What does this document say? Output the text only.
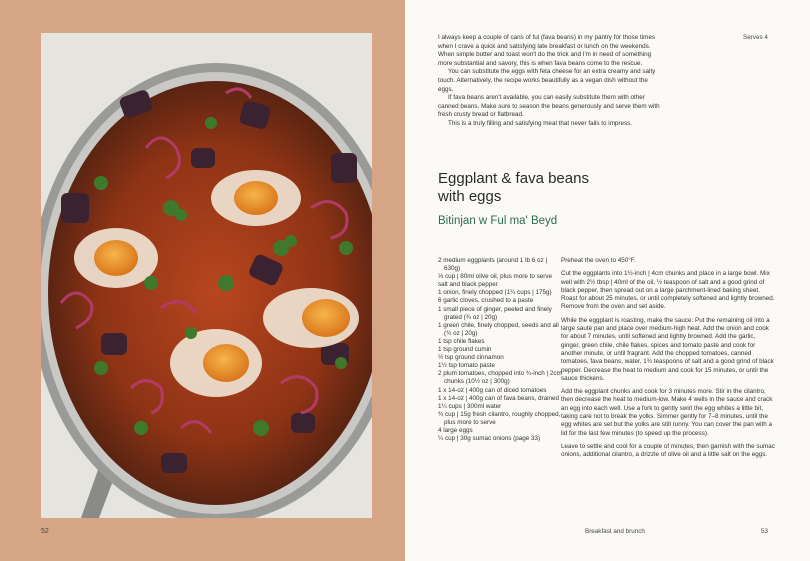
52

I always keep a couple of cans of ful (fava beans) in my pantry for those times when I crave a quick and satisfying late breakfast or lunch on the weekends. When simple butter and toast won't do the trick and I'm in need of something more substantial and savory, this is when fava beans come to the rescue.

You can substitute the eggs with feta cheese for an extra creamy and salty touch. Alternatively, the recipe works beautifully as a vegan dish without the eggs.

If fava beans aren't available, you can easily substitute them with other canned beans. Make sure to season the beans generously and serve them with fresh crusty bread or flatbread.

This is a truly filling and satisfying meal that never fails to impress.

Serves 4
Eggplant & fava beans with eggs
Bitinjan w Ful ma' Beyd
2 medium eggplants (around 1 lb 6 oz | 630g)
⅓ cup | 80ml olive oil, plus more to serve
salt and black pepper
1 onion, finely chopped (1¼ cups | 175g)
6 garlic cloves, crushed to a paste
1 small piece of ginger, peeled and finely grated (¾ oz | 20g)
1 green chile, finely chopped, seeds and all (¾ oz | 20g)
1 tsp chile flakes
1 tsp ground cumin
½ tsp ground cinnamon
1½ tsp tomato paste
2 plum tomatoes, chopped into ¾-inch | 2cm chunks (10½ oz | 300g)
1 x 14-oz | 400g can of diced tomatoes
1 x 14-oz | 400g can of fava beans, drained
1¼ cups | 300ml water
¾ cup | 15g fresh cilantro, roughly chopped, plus more to serve
4 large eggs
¼ cup | 30g sumac onions (page 33)

Preheat the oven to 450°F.

Cut the eggplants into 1½-inch | 4cm chunks and place in a large bowl. Mix well with 2½ tbsp | 40ml of the oil, ½ teaspoon of salt and a good grind of black pepper, then spread out on a large parchment-lined baking sheet. Roast for about 25 minutes, or until completely softened and lightly browned. Remove from the oven and set aside.

While the eggplant is roasting, make the sauce: Put the remaining oil into a large sauté pan and place over medium-high heat. Add the onion and cook for about 7 minutes, until softened and lightly browned. Add the garlic, ginger, green chile, chile flakes, spices and tomato paste and cook for another minute, or until fragrant. Add the chopped tomatoes, canned tomatoes, fava beans, water, 1¾ teaspoons of salt and a good grind of black pepper. Decrease the heat to medium and cook for 15 minutes, or until the sauce thickens.

Add the eggplant chunks and cook for 3 minutes more. Stir in the cilantro, then decrease the heat to medium-low. Make 4 wells in the sauce and crack an egg into each well. Use a fork to gently swirl the egg whites a little bit, taking care not to break the yolks. Simmer gently for 7–8 minutes, until the egg whites are set but the yolks are still runny. You can cover the pan with a lid for the last few minutes (to speed up the process).

Leave to settle and cool for a couple of minutes, then garnish with the sumac onions, additional cilantro, a drizzle of olive oil and a little salt on the eggs.

Breakfast and brunch	53
